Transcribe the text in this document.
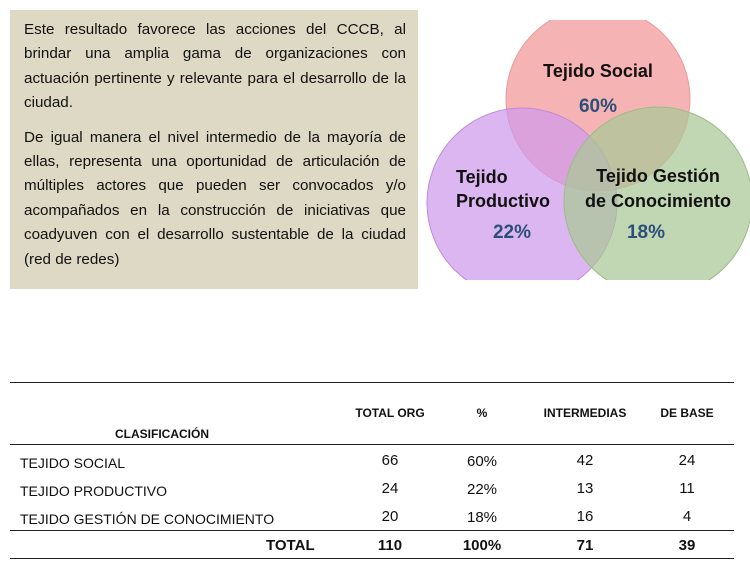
Este resultado favorece las acciones del CCCB, al brindar una amplia gama de organizaciones con actuación pertinente y relevante para el desarrollo de la ciudad.

De igual manera el nivel intermedio de la mayoría de ellas, representa una oportunidad de articulación de múltiples actores que pueden ser convocados y/o acompañados en la construcción de iniciativas que coadyuven con el desarrollo sustentable de la ciudad (red de redes)

Tejido Social
60%
Tejido
Productivo
22%
Tejido Gestión
de Conocimiento
18%
TOTAL ORG	%	INTERMEDIAS	DE BASE
CLASIFICACIÓN
TEJIDO SOCIAL	66	60%	42	24
TEJIDO PRODUCTIVO	24	22%	13	11
TEJIDO GESTIÓN DE CONOCIMIENTO	20	18%	16	4
TOTAL	110	100%	71	39
